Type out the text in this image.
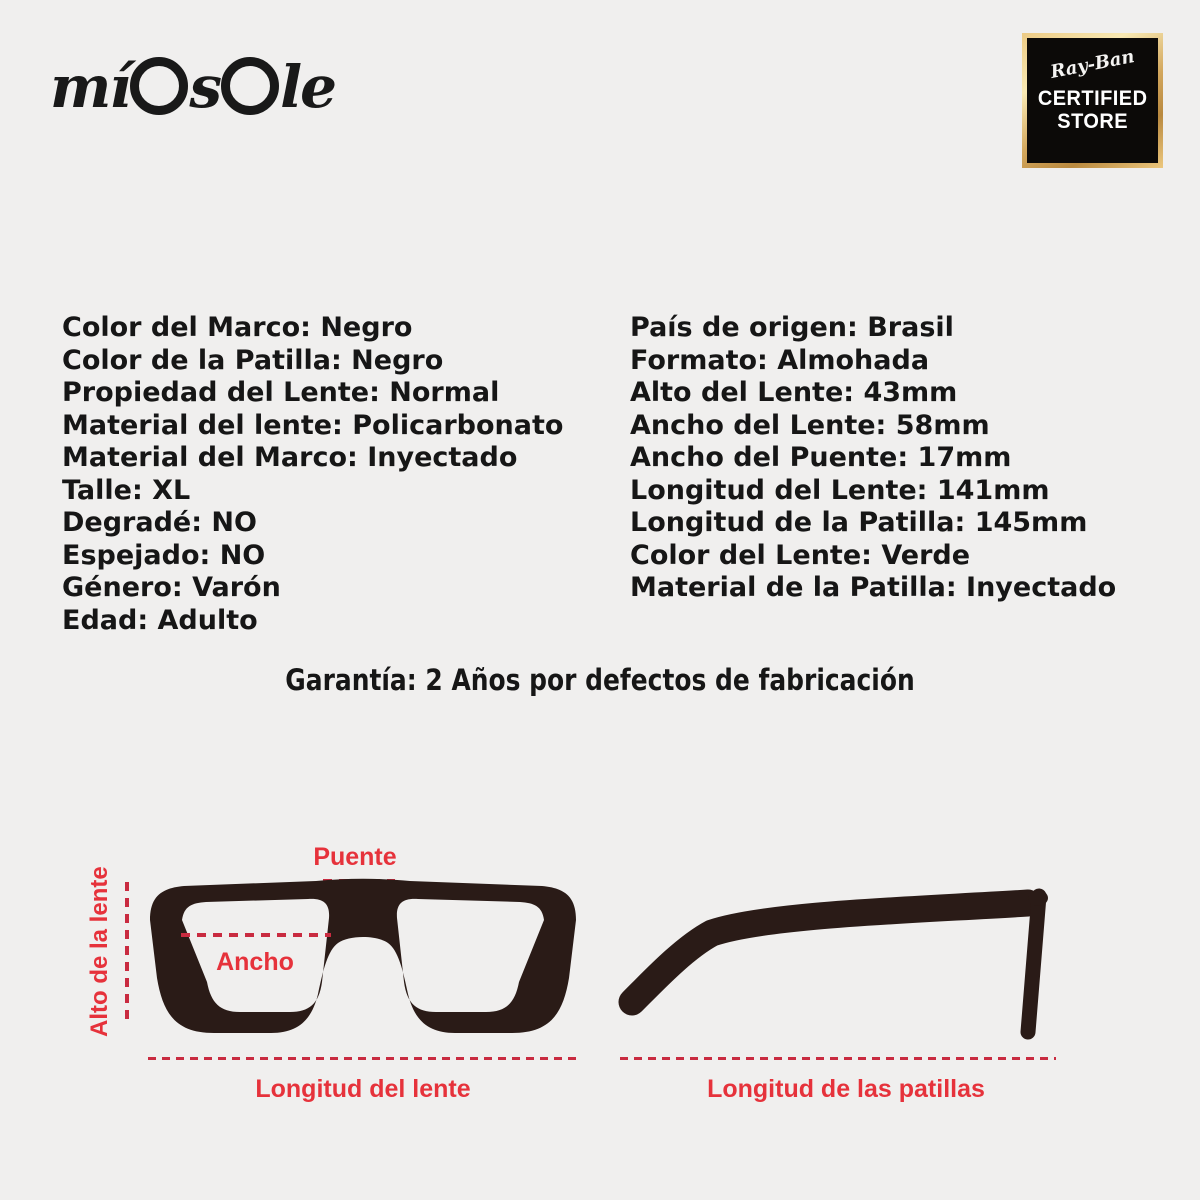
mí s le	Ray-Ban
CERTIFIED
STORE
Color del Marco: Negro
Color de la Patilla: Negro
Propiedad del Lente: Normal
Material del lente: Policarbonato
Material del Marco: Inyectado
Talle: XL
Degradé: NO
Espejado: NO
Género: Varón
Edad: Adulto
País de origen: Brasil
Formato: Almohada
Alto del Lente: 43mm
Ancho del Lente: 58mm
Ancho del Puente: 17mm
Longitud del Lente: 141mm
Longitud de la Patilla: 145mm
Color del Lente: Verde
Material de la Patilla: Inyectado
Garantía: 2 Años por defectos de fabricación
Alto de la lente
Puente
Ancho
Longitud del lente	Longitud de las patillas
